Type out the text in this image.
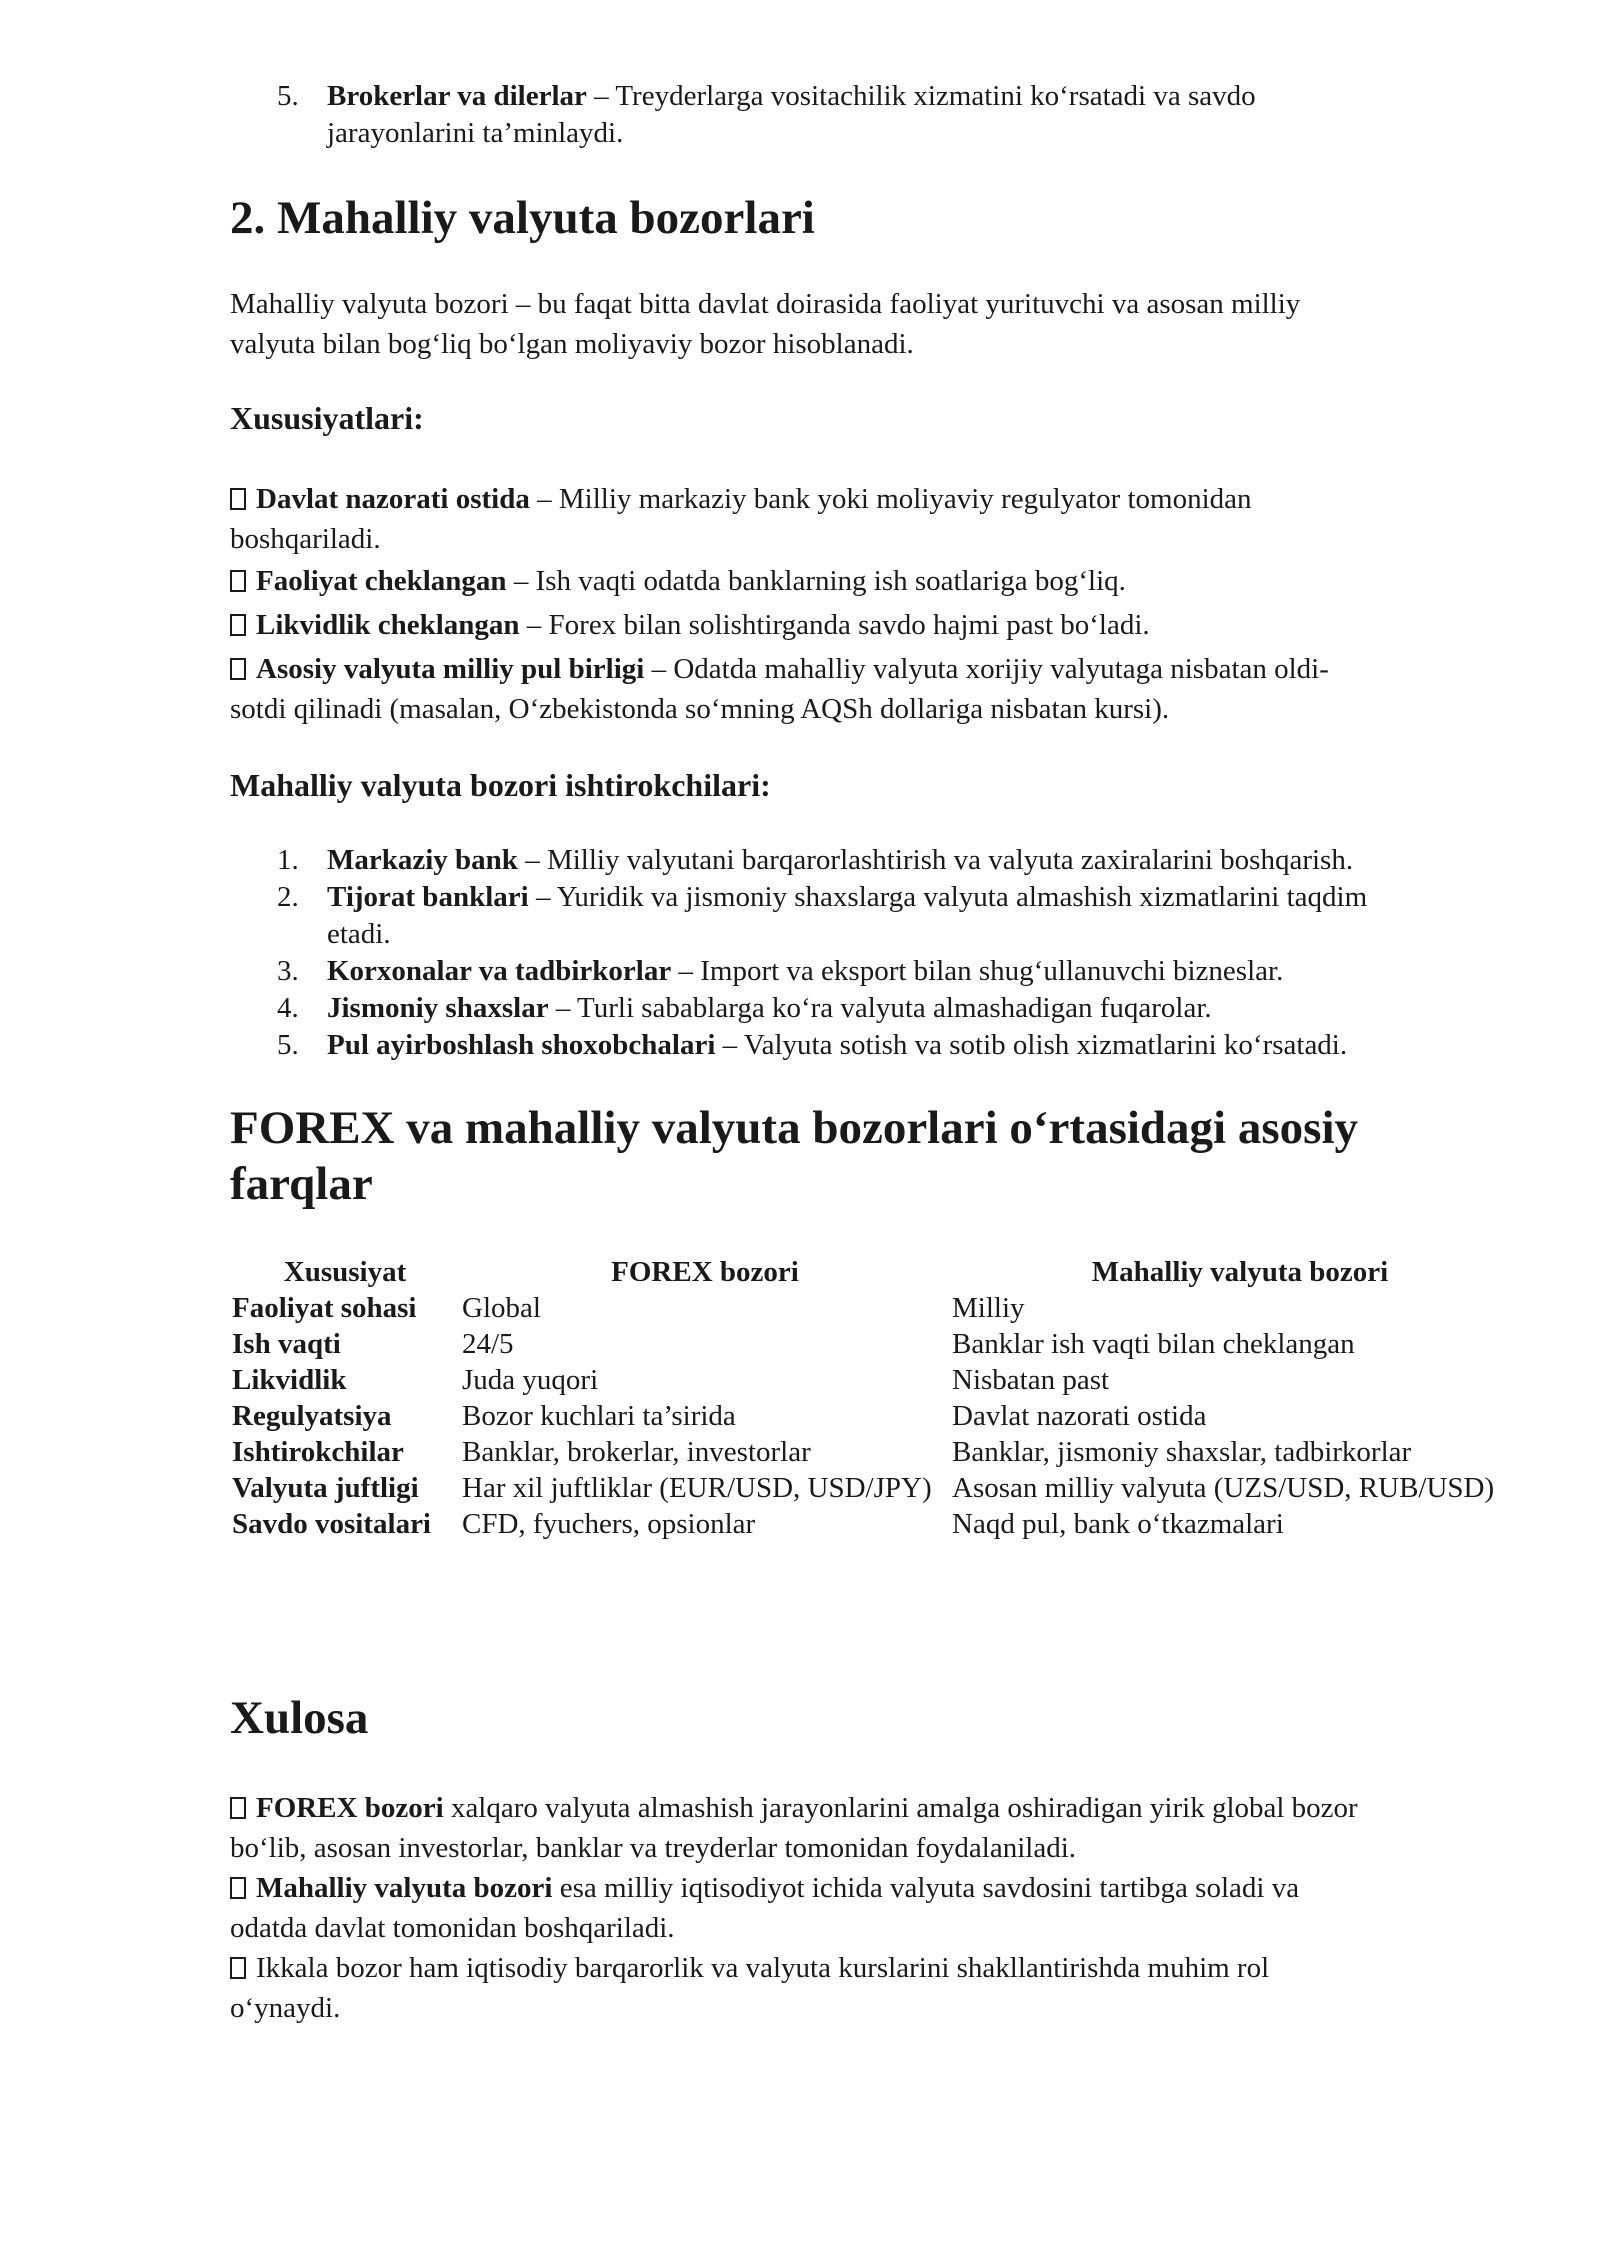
5. Brokerlar va dilerlar – Treyderlarga vositachilik xizmatini ko‘rsatadi va savdo
jarayonlarini ta’minlaydi.
2. Mahalliy valyuta bozorlari

Mahalliy valyuta bozori – bu faqat bitta davlat doirasida faoliyat yurituvchi va asosan milliy
valyuta bilan bog‘liq bo‘lgan moliyaviy bozor hisoblanadi.

Xususiyatlari:
Davlat nazorati ostida – Milliy markaziy bank yoki moliyaviy regulyator tomonidan
boshqariladi.
Faoliyat cheklangan – Ish vaqti odatda banklarning ish soatlariga bog‘liq.
Likvidlik cheklangan – Forex bilan solishtirganda savdo hajmi past bo‘ladi.
Asosiy valyuta milliy pul birligi – Odatda mahalliy valyuta xorijiy valyutaga nisbatan oldi-
sotdi qilinadi (masalan, O‘zbekistonda so‘mning AQSh dollariga nisbatan kursi).
Mahalliy valyuta bozori ishtirokchilari:
1. Markaziy bank – Milliy valyutani barqarorlashtirish va valyuta zaxiralarini boshqarish.
2. Tijorat banklari – Yuridik va jismoniy shaxslarga valyuta almashish xizmatlarini taqdim
etadi.
3. Korxonalar va tadbirkorlar – Import va eksport bilan shug‘ullanuvchi bizneslar.
4. Jismoniy shaxslar – Turli sabablarga ko‘ra valyuta almashadigan fuqarolar.
5. Pul ayirboshlash shoxobchalari – Valyuta sotish va sotib olish xizmatlarini ko‘rsatadi.
FOREX va mahalliy valyuta bozorlari o‘rtasidagi asosiy
farqlar
Xususiyat	FOREX bozori	Mahalliy valyuta bozori
Faoliyat sohasi	Global	Milliy
Ish vaqti	24/5	Banklar ish vaqti bilan cheklangan
Likvidlik	Juda yuqori	Nisbatan past
Regulyatsiya	Bozor kuchlari ta’sirida	Davlat nazorati ostida
Ishtirokchilar	Banklar, brokerlar, investorlar	Banklar, jismoniy shaxslar, tadbirkorlar
Valyuta juftligi	Har xil juftliklar (EUR/USD, USD/JPY)	Asosan milliy valyuta (UZS/USD, RUB/USD)
Savdo vositalari	CFD, fyuchers, opsionlar	Naqd pul, bank o‘tkazmalari
Xulosa
FOREX bozori xalqaro valyuta almashish jarayonlarini amalga oshiradigan yirik global bozor
bo‘lib, asosan investorlar, banklar va treyderlar tomonidan foydalaniladi.
Mahalliy valyuta bozori esa milliy iqtisodiyot ichida valyuta savdosini tartibga soladi va
odatda davlat tomonidan boshqariladi.
Ikkala bozor ham iqtisodiy barqarorlik va valyuta kurslarini shakllantirishda muhim rol
o‘ynaydi.
